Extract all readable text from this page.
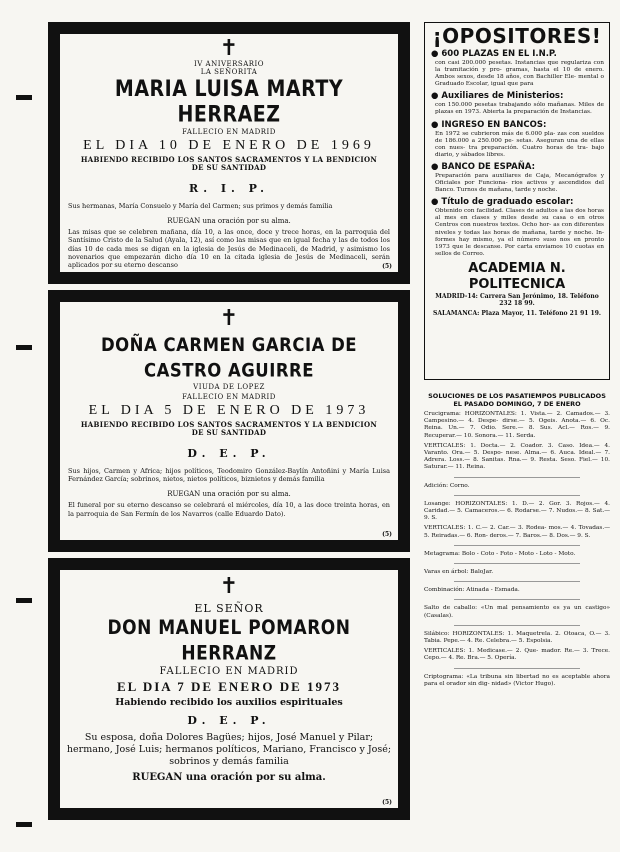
✝
IV ANIVERSARIO
LA SEÑORITA
MARIA LUISA MARTY HERRAEZ
FALLECIO EN MADRID
EL DIA 10 DE ENERO DE 1969
HABIENDO RECIBIDO LOS SANTOS SACRAMENTOS Y LA BENDICION DE SU SANTIDAD
R. I. P.
Sus hermanas, María Consuelo y María del Carmen; sus primos y demás familia
RUEGAN una oración por su alma.
Las misas que se celebren mañana, día 10, a las once, doce y trece horas, en la parroquia del Santísimo Cristo de la Salud (Ayala, 12), así como las misas que en igual fecha y las de todos los días 10 de cada mes se digan en la iglesia de Jesús de Medinaceli, de Madrid, y asimismo los novenarios que empezarán dicho día 10 en la citada iglesia de Jesús de Medinaceli, serán aplicados por su eterno descanso	(5)
✝
DOÑA CARMEN GARCIA DE CASTRO AGUIRRE
VIUDA DE LOPEZ
FALLECIO EN MADRID
EL DIA 5 DE ENERO DE 1973
HABIENDO RECIBIDO LOS SANTOS SACRAMENTOS Y LA BENDICION DE SU SANTIDAD
D. E. P.
Sus hijos, Carmen y Africa; hijos políticos, Teodomiro González-Baylín Antoñini y María Luisa Fernández García; sobrinos, nietos, nietos políticos, biznietos y demás familia
RUEGAN una oración por su alma.
El funeral por su eterno descanso se celebrará el miércoles, día 10, a las doce treinta horas, en la parroquia de San Fermín de los Navarros (calle Eduardo Dato).
(5)
✝
EL SEÑOR
DON MANUEL POMARON HERRANZ
FALLECIO EN MADRID
EL DIA 7 DE ENERO DE 1973
Habiendo recibido los auxilios espirituales
D. E. P.
Su esposa, doña Dolores Bagües; hijos, José Manuel y Pilar; hermano, José Luis; hermanos políticos, Mariano, Francisco y José; sobrinos y demás familia
RUEGAN una oración por su alma.
(5)
¡OPOSITORES!
● 600 PLAZAS EN EL I.N.P.
con casi 200.000 pesetas. Instancias que regulariza con la tramitación y pro- gramas, hasta el 10 de enero. Ambos sexos, desde 18 años, con Bachiller Ele- mental o Graduado Escolar, igual que para
● Auxiliares de Ministerios:
con 150.000 pesetas trabajando sólo mañanas. Miles de plazas en 1973. Abierta la preparación de Instancias.
● INGRESO EN BANCOS:
En 1972 se cubrieron más de 6.000 pla- zas con sueldos de 186.000 a 250.000 pe- setas. Aseguran una de ellas con nues- tra preparación. Cuatro horas de tra- bajo diario, y sábados libres.
● BANCO DE ESPAÑA:
Preparación para auxiliares de Caja, Mecanógrafos y Oficiales por Funciona- rios activos y ascendidos del Banco. Turnos de mañana, tarde y noche.
● Título de graduado escolar:
Obtenido con facilidad. Clases de adultos a las dos horas al mes en clases y miles desde su casa o en otros Centros con nuestros textos. Ocho hor- as con diferentes niveles y todas las horas de mañana, tarde y noche. In- formes hay mismo, ya el número suso nos en pronto 1973 que le descanse. Por carta enviamos 10 cuotas en sellos de Correo.
ACADEMIA N. POLITECNICA
MADRID-14: Carrera San Jerónimo, 18. Teléfono 232 18 99.
SALAMANCA: Plaza Mayor, 11. Teléfono 21 91 19.
SOLUCIONES DE LOS PASATIEMPOS PUBLICADOS EL PASADO DOMINGO, 7 DE ENERO
Crucigrama: HORIZONTALES: 1. Vista.— 2. Camados.— 3. Campesino.— 4. Despe- dirse.— 5. Ogeis. Anota.— 6. Oc. Reina. Un.— 7. Odio. Sere.— 8. Sus. Acl.— Ros.— 9. Recuperar.— 10. Sonora.— 11. Serda.
VERTICALES: 1. Docta.— 2. Coador. 3. Caso. Idea.— 4. Varanto. Ora.— 5. Despo- nese. Alma.— 6. Auca. Ideal.— 7. Adrera. Loss.— 8. Sanitas. Rna.— 9. Resta. Seso. Fiel.— 10. Saturar.— 11. Reina.
Adición: Corno.
Losange: HORIZONTALES: 1. D.— 2. Gor. 3. Rojos.— 4. Caridad.— 5. Camaceros.— 6. Rodarse.— 7. Nudos.— 8. Sat.— 9. S.
VERTICALES: 1. C.— 2. Car.— 3. Rodea- mos.— 4. Tovadas.— 5. Reiradas.— 6. Ron- deros.— 7. Baros.— 8. Dos.— 9. S.
Metagrama: Bolo - Coto - Foto - Moto - Loto - Moto.
Varas en árbol: BaloJar.
Combinación: Atinada - Esmada.
Salto de caballo: «Un mal pensamiento es ya un castigo» (Casalas).
Silábico: HORIZONTALES: 1. Maquetrela. 2. Otoaca, O.— 3. Tabia. Pepe.— 4. Re. Celebra.— 5. Espolsia.
VERTICALES: 1. Medicase.— 2. Que- mador. Re.— 3. Trece. Cepo.— 4. Re. Bra.— 5. Opería.
Criptograma: «La tribuna sin libertad no es aceptable ahora para el orador sin dig- nidad» (Victor Hugo).
